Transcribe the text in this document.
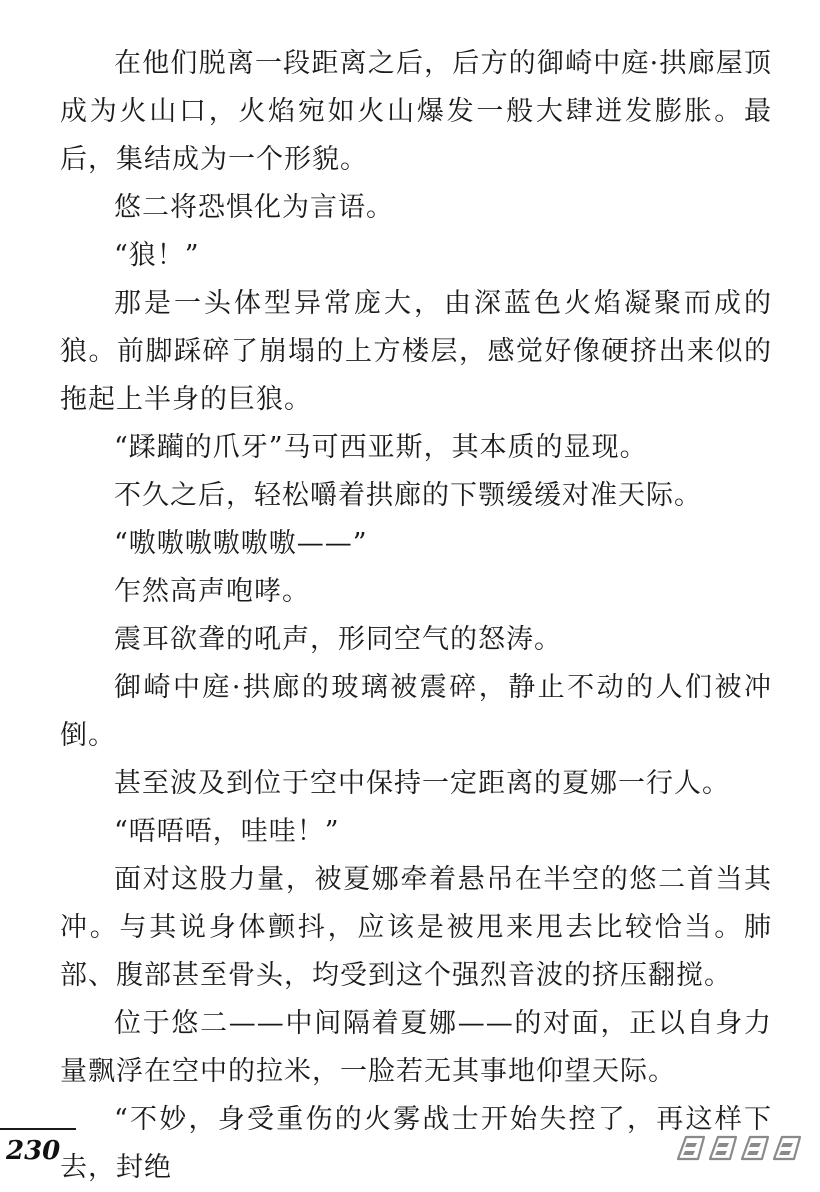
在他们脱离一段距离之后，后方的御崎中庭·拱廊屋顶成为火山口，火焰宛如火山爆发一般大肆迸发膨胀。最后，集结成为一个形貌。

悠二将恐惧化为言语。

“狼！”

那是一头体型异常庞大，由深蓝色火焰凝聚而成的狼。前脚踩碎了崩塌的上方楼层，感觉好像硬挤出来似的拖起上半身的巨狼。

“蹂躏的爪牙”马可西亚斯，其本质的显现。

不久之后，轻松嚼着拱廊的下颚缓缓对准天际。

“嗷嗷嗷嗷嗷嗷——”

乍然高声咆哮。

震耳欲聋的吼声，形同空气的怒涛。

御崎中庭·拱廊的玻璃被震碎，静止不动的人们被冲倒。

甚至波及到位于空中保持一定距离的夏娜一行人。

“唔唔唔，哇哇！”

面对这股力量，被夏娜牵着悬吊在半空的悠二首当其冲。与其说身体颤抖，应该是被甩来甩去比较恰当。肺部、腹部甚至骨头，均受到这个强烈音波的挤压翻搅。

位于悠二——中间隔着夏娜——的对面，正以自身力量飘浮在空中的拉米，一脸若无其事地仰望天际。

“不妙，身受重伤的火雾战士开始失控了，再这样下去，封绝

230
